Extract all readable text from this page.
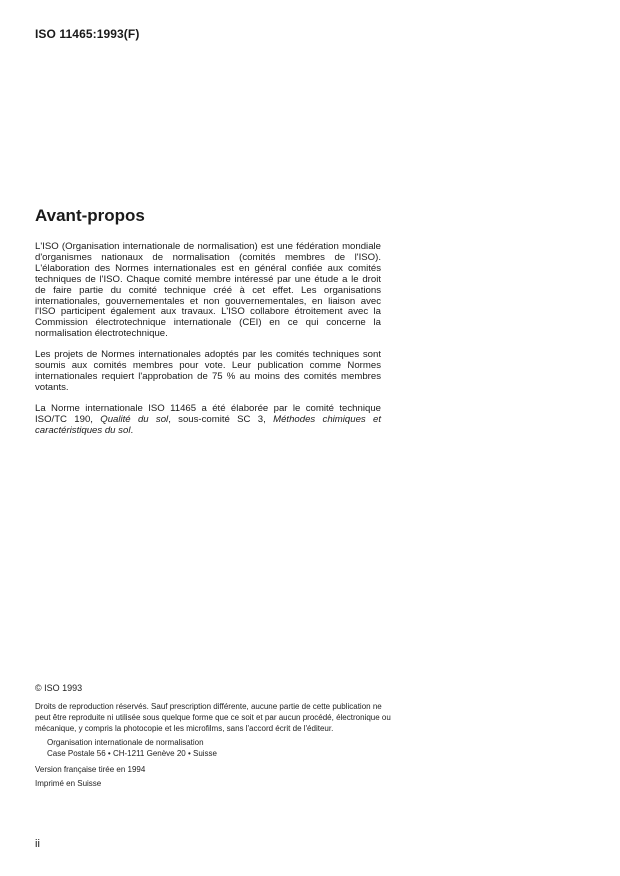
ISO 11465:1993(F)
Avant-propos

L'ISO (Organisation internationale de normalisation) est une fédération mondiale d'organismes nationaux de normalisation (comités membres de l'ISO). L'élaboration des Normes internationales est en général confiée aux comités techniques de l'ISO. Chaque comité membre intéressé par une étude a le droit de faire partie du comité technique créé à cet effet. Les organisations internationales, gouvernementales et non gouvernementales, en liaison avec l'ISO participent également aux travaux. L'ISO collabore étroitement avec la Commission électrotechnique internationale (CEI) en ce qui concerne la normalisation électrotechnique.

Les projets de Normes internationales adoptés par les comités techniques sont soumis aux comités membres pour vote. Leur publication comme Normes internationales requiert l'approbation de 75 % au moins des comités membres votants.

La Norme internationale ISO 11465 a été élaborée par le comité technique ISO/TC 190, Qualité du sol, sous-comité SC 3, Méthodes chimiques et caractéristiques du sol.

© ISO 1993

Droits de reproduction réservés. Sauf prescription différente, aucune partie de cette publication ne peut être reproduite ni utilisée sous quelque forme que ce soit et par aucun procédé, électronique ou mécanique, y compris la photocopie et les microfilms, sans l'accord écrit de l'éditeur.

Organisation internationale de normalisation

Case Postale 56 • CH-1211 Genève 20 • Suisse

Version française tirée en 1994

Imprimé en Suisse

ii
